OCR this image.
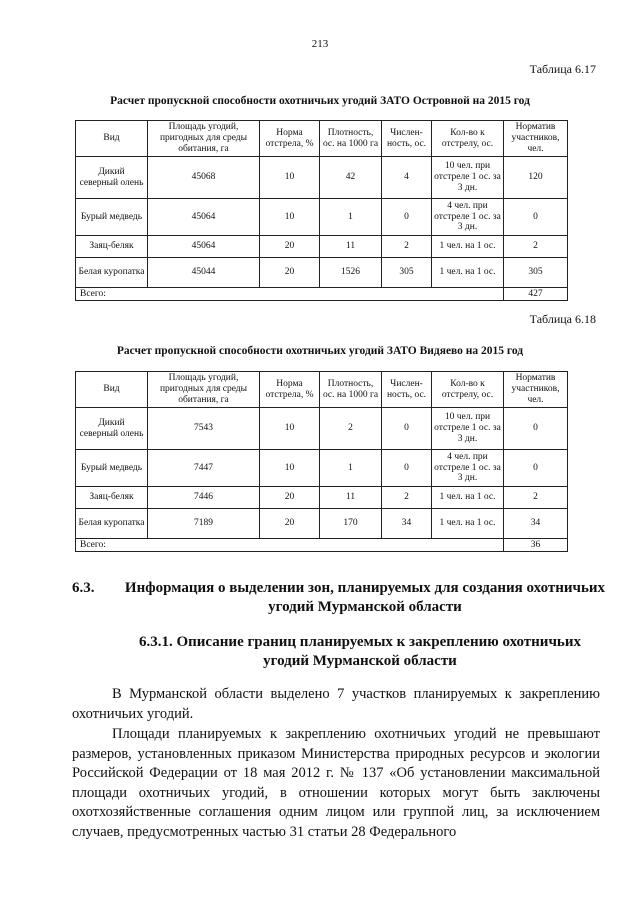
213
Таблица 6.17
Расчет пропускной способности охотничьих угодий ЗАТО Островной на 2015 год
Вид	Площадь угодий, пригодных для среды обитания, га	Норма отстрела, %	Плотность, ос. на 1000 га	Числен-ность, ос.	Кол-во к отстрелу, ос.	Норматив участников, чел.
Дикий северный олень	45068	10	42	4	10 чел. при отстреле 1 ос. за 3 дн.	120
Бурый медведь	45064	10	1	0	4 чел. при отстреле 1 ос. за 3 дн.	0
Заяц-беляк	45064	20	11	2	1 чел. на 1 ос.	2
Белая куропатка	45044	20	1526	305	1 чел. на 1 ос.	305
Всего:						427
Таблица 6.18
Расчет пропускной способности охотничьих угодий ЗАТО Видяево на 2015 год
Вид	Площадь угодий, пригодных для среды обитания, га	Норма отстрела, %	Плотность, ос. на 1000 га	Числен-ность, ос.	Кол-во к отстрелу, ос.	Норматив участников, чел.
Дикий северный олень	7543	10	2	0	10 чел. при отстреле 1 ос. за 3 дн.	0
Бурый медведь	7447	10	1	0	4 чел. при отстреле 1 ос. за 3 дн.	0
Заяц-беляк	7446	20	11	2	1 чел. на 1 ос.	2
Белая куропатка	7189	20	170	34	1 чел. на 1 ос.	34
Всего:						36
6.3.	Информация о выделении зон, планируемых для создания охотничьих угодий Мурманской области
6.3.1. Описание границ планируемых к закреплению охотничьих угодий Мурманской области
В Мурманской области выделено 7 участков планируемых к закреплению охотничьих угодий.
Площади планируемых к закреплению охотничьих угодий не превышают размеров, установленных приказом Министерства природных ресурсов и экологии Российской Федерации от 18 мая 2012 г. № 137 «Об установлении максимальной площади охотничьих угодий, в отношении которых могут быть заключены охотхозяйственные соглашения одним лицом или группой лиц, за исключением случаев, предусмотренных частью 31 статьи 28 Федерального
